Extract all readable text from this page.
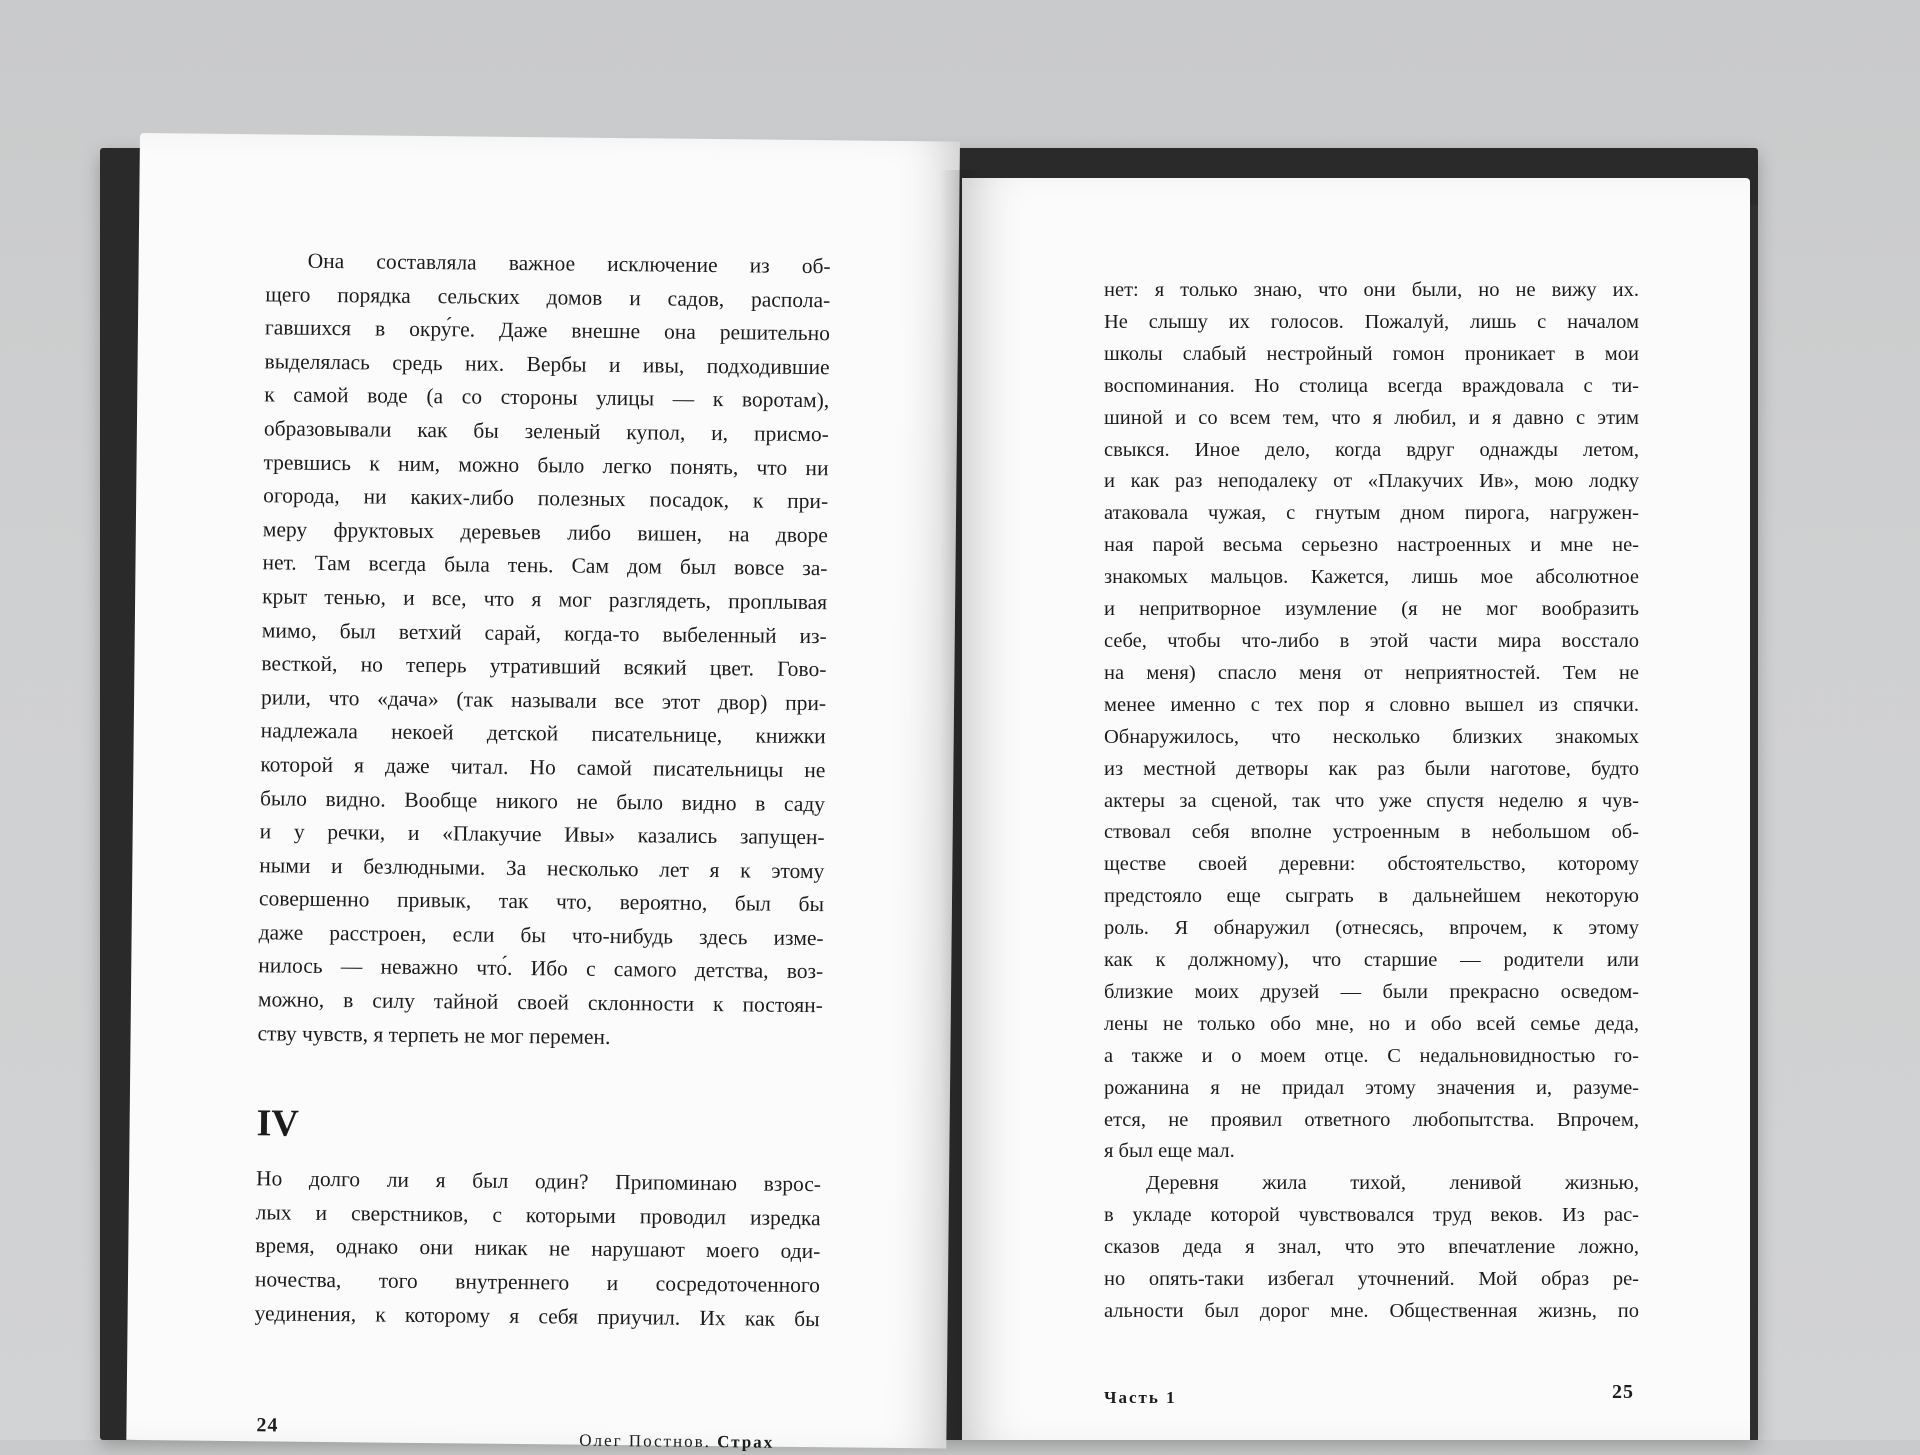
Она составляла важное исключение из об-
щего порядка сельских домов и садов, распола-
гавшихся в окру́ге. Даже внешне она решительно
выделялась средь них. Вербы и ивы, подходившие
к самой воде (а со стороны улицы — к воротам),
образовывали как бы зеленый купол, и, присмо-
тревшись к ним, можно было легко понять, что ни
огорода, ни каких-либо полезных посадок, к при-
меру фруктовых деревьев либо вишен, на дворе
нет. Там всегда была тень. Сам дом был вовсе за-
крыт тенью, и все, что я мог разглядеть, проплывая
мимо, был ветхий сарай, когда-то выбеленный из-
весткой, но теперь утративший всякий цвет. Гово-
рили, что «дача» (так называли все этот двор) при-
надлежала некоей детской писательнице, книжки
которой я даже читал. Но самой писательницы не
было видно. Вообще никого не было видно в саду
и у речки, и «Плакучие Ивы» казались запущен-
ными и безлюдными. За несколько лет я к этому
совершенно привык, так что, вероятно, был бы
даже расстроен, если бы что-нибудь здесь изме-
нилось — неважно что́. Ибо с самого детства, воз-
можно, в силу тайной своей склонности к постоян-
ству чувств, я терпеть не мог перемен.
IV
Но долго ли я был один? Припоминаю взрос-
лых и сверстников, с которыми проводил изредка
время, однако они никак не нарушают моего оди-
ночества, того внутреннего и сосредоточенного
уединения, к которому я себя приучил. Их как бы
24
Олег Постнов. Страх
нет: я только знаю, что они были, но не вижу их.
Не слышу их голосов. Пожалуй, лишь с началом
школы слабый нестройный гомон проникает в мои
воспоминания. Но столица всегда враждовала с ти-
шиной и со всем тем, что я любил, и я давно с этим
свыкся. Иное дело, когда вдруг однажды летом,
и как раз неподалеку от «Плакучих Ив», мою лодку
атаковала чужая, с гнутым дном пирога, нагружен-
ная парой весьма серьезно настроенных и мне не-
знакомых мальцов. Кажется, лишь мое абсолютное
и непритворное изумление (я не мог вообразить
себе, чтобы что-либо в этой части мира восстало
на меня) спасло меня от неприятностей. Тем не
менее именно с тех пор я словно вышел из спячки.
Обнаружилось, что несколько близких знакомых
из местной детворы как раз были наготове, будто
актеры за сценой, так что уже спустя неделю я чув-
ствовал себя вполне устроенным в небольшом об-
ществе своей деревни: обстоятельство, которому
предстояло еще сыграть в дальнейшем некоторую
роль. Я обнаружил (отнесясь, впрочем, к этому
как к должному), что старшие — родители или
близкие моих друзей — были прекрасно осведом-
лены не только обо мне, но и обо всей семье деда,
а также и о моем отце. С недальновидностью го-
рожанина я не придал этому значения и, разуме-
ется, не проявил ответного любопытства. Впрочем,
я был еще мал.
Деревня жила тихой, ленивой жизнью,
в укладе которой чувствовался труд веков. Из рас-
сказов деда я знал, что это впечатление ложно,
но опять-таки избегал уточнений. Мой образ ре-
альности был дорог мне. Общественная жизнь, по
Часть 1	25
